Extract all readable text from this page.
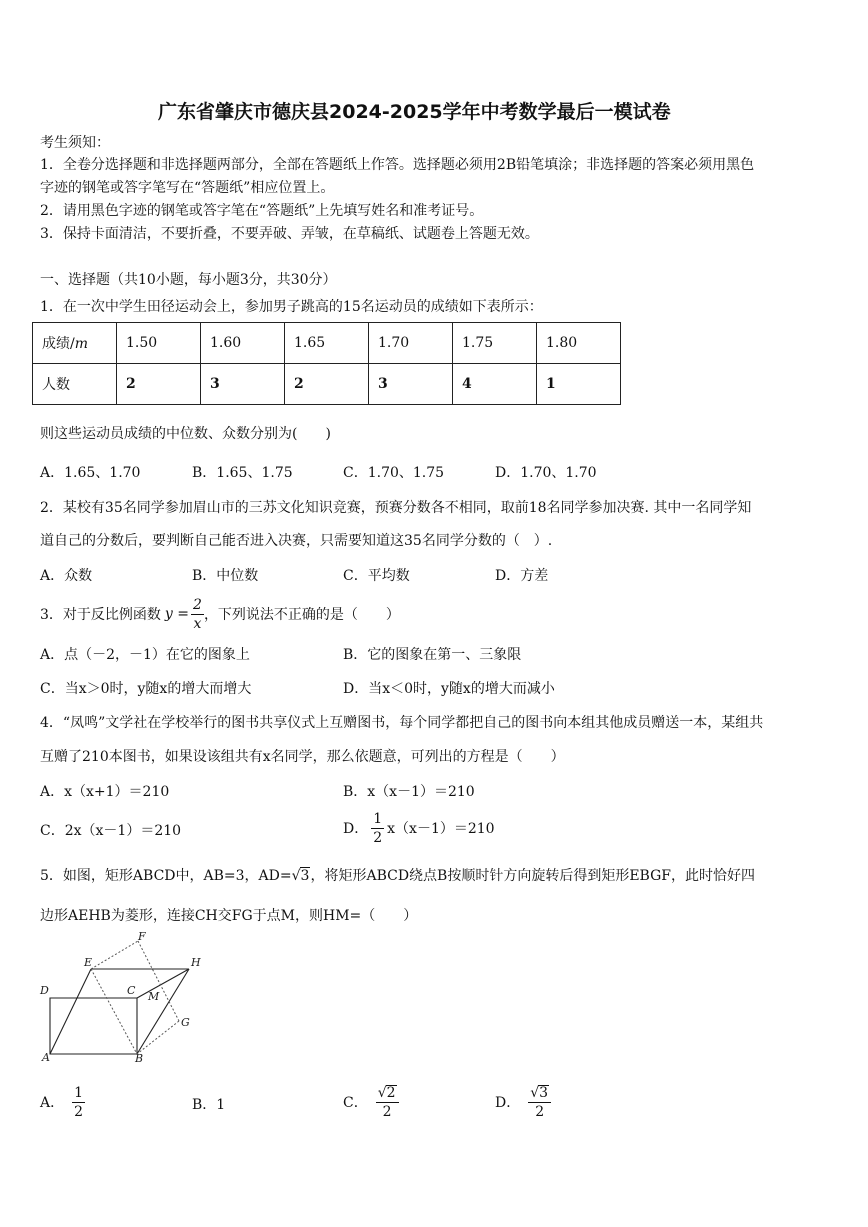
广东省肇庆市德庆县2024-2025学年中考数学最后一模试卷
考生须知：
1．全卷分选择题和非选择题两部分，全部在答题纸上作答。选择题必须用2B铅笔填涂；非选择题的答案必须用黑色
字迹的钢笔或答字笔写在“答题纸”相应位置上。
2．请用黑色字迹的钢笔或答字笔在“答题纸”上先填写姓名和准考证号。
3．保持卡面清洁，不要折叠，不要弄破、弄皱，在草稿纸、试题卷上答题无效。
一、选择题（共10小题，每小题3分，共30分）
1．在一次中学生田径运动会上，参加男子跳高的15名运动员的成绩如下表所示：
成绩/m	1.50	1.60	1.65	1.70	1.75	1.80
人数	2	3	2	3	4	1
则这些运动员成绩的中位数、众数分别为(　　)
A．1.65、1.70	B．1.65、1.75	C．1.70、1.75	D．1.70、1.70
2．某校有35名同学参加眉山市的三苏文化知识竞赛，预赛分数各不相同，取前18名同学参加决赛. 其中一名同学知
道自己的分数后，要判断自己能否进入决赛，只需要知道这35名同学分数的（　）.
A．众数	B．中位数	C．平均数	D．方差
3．对于反比例函数 $y = \frac{2}{x}$ ，下列说法不正确的是（　　）
A．点（－2，－1）在它的图象上	B．它的图象在第一、三象限
C．当x＞0时，y随x的增大而增大	D．当x＜0时，y随x的增大而减小
4．“凤鸣”文学社在学校举行的图书共享仪式上互赠图书，每个同学都把自己的图书向本组其他成员赠送一本，某组共
互赠了210本图书，如果设该组共有x名同学，那么依题意，可列出的方程是（　　）
A．x（x+1）＝210	B．x（x－1）＝210
C．2x（x－1）＝210	D． $\frac{1}{2} x(x-1)=210$
5．如图，矩形ABCD中，AB=3，AD= √3 ，将矩形ABCD绕点B按顺时针方向旋转后得到矩形EBGF，此时恰好四
边形AEHB为菱形，连接CH交FG于点M，则HM=（　　）
F
E	H
D	C M
G
A	B
A． $\frac{1}{2}$	B．1	C． $\frac{√2}{2}$	D． $\frac{√3}{2}$
